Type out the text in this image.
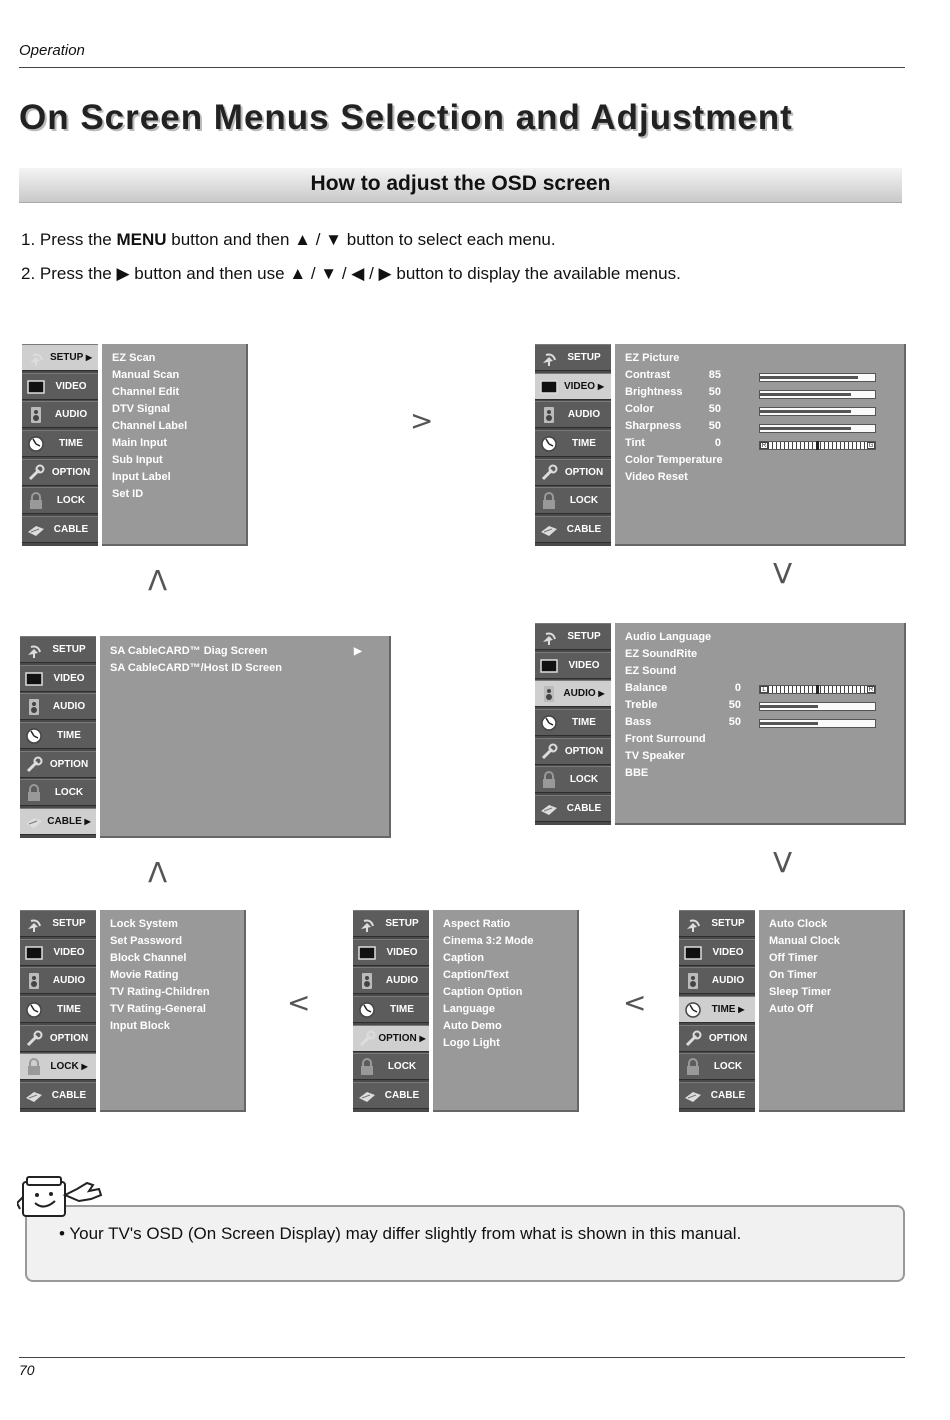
Operation
On Screen Menus Selection and Adjustment
How to adjust the OSD screen
1. Press the MENU button and then ▲ / ▼ button to select each menu.
2. Press the ▶ button and then use ▲ / ▼ / ◀ / ▶ button to display the available menus.
SETUP ▶
VIDEO
AUDIO
TIME
OPTION
LOCK
CABLE
EZ Scan
Manual Scan
Channel Edit
DTV Signal
Channel Label
Main Input
Sub Input
Input Label
Set ID
SETUP
VIDEO ▶
AUDIO
TIME
OPTION
LOCK
CABLE
EZ Picture
Contrast	85
Brightness	50
Color	50
Sharpness	50
Tint	0	R	G
Color Temperature
Video Reset
SETUP
VIDEO
AUDIO
TIME
OPTION
LOCK
CABLE ▶
SA CableCARD™ Diag Screen	▶
SA CableCARD™/Host ID Screen
SETUP
VIDEO
AUDIO ▶
TIME
OPTION
LOCK
CABLE
Audio Language
EZ SoundRite
EZ Sound
Balance	0	L	R
Treble	50
Bass	50
Front Surround
TV Speaker
BBE
SETUP
VIDEO
AUDIO
TIME
OPTION
LOCK ▶
CABLE
Lock System
Set Password
Block Channel
Movie Rating
TV Rating-Children
TV Rating-General
Input Block
SETUP
VIDEO
AUDIO
TIME
OPTION ▶
LOCK
CABLE
Aspect Ratio
Cinema 3:2 Mode
Caption
Caption/Text
Caption Option
Language
Auto Demo
Logo Light
SETUP
VIDEO
AUDIO
TIME ▶
OPTION
LOCK
CABLE
Auto Clock
Manual Clock
Off Timer
On Timer
Sleep Timer
Auto Off
>
V
V
Λ
Λ
<	<
• Your TV's OSD (On Screen Display) may differ slightly from what is shown in this manual.
70
